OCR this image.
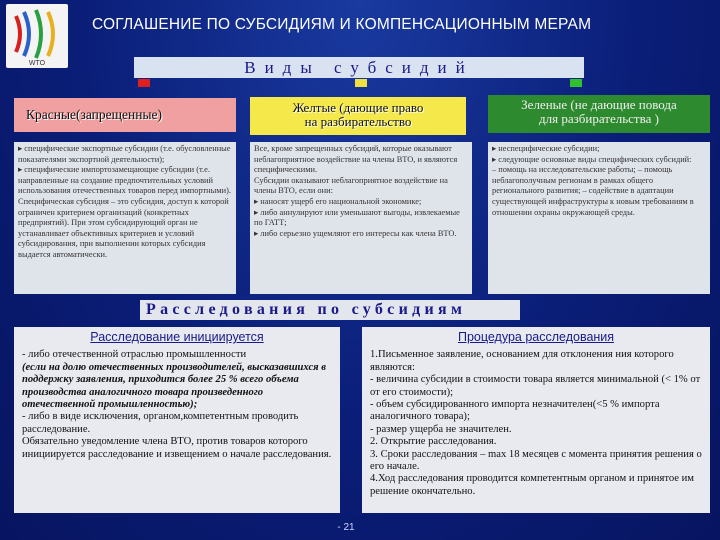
WTO
СОГЛАШЕНИЕ ПО СУБСИДИЯМ И КОМПЕНСАЦИОННЫМ МЕРАМ
Виды субсидий
Красные(запрещенные)	Желтые (дающие право
на разбирательство
Зеленые (не дающие повода
для разбирательства )

▸ специфические экспортные субсидии (т.е. обусловленные показателями экспортной деятельности);

▸ специфические импортозамещающие субсидии (т.е. направленные на создание предпочтительных условий использования отечественных товаров перед импортными).

Специфическая субсидия – это субсидия, доступ к которой ограничен критерием организаций (конкретных предприятий). При этом субсидирующий орган не устанавливает объективных критериев и условий субсидирования, при выполнении которых субсидия выдается автоматически.

Все, кроме запрещенных субсидий, которые оказывают неблагоприятное воздействие на члены ВТО, и являются специфическими.

Субсидии оказывают неблагоприятное воздействие на члены ВТО, если они:

▸ наносят ущерб его национальной экономике;

▸ либо аннулируют или уменьшают выгоды, извлекаемые по ГАТТ;

▸ либо серьезно ущемляют его интересы как члена ВТО.

▸ неспецифические субсидии;

▸ следующие основные виды специфических субсидий:

– помощь на исследовательские работы; – помощь неблагополучным регионам в рамках общего регионального развития; – содействие в адаптации существующей инфраструктуры к новым требованиям в отношении охраны окружающей среды.

Расследования по субсидиям
Расследование инициируется

- либо отечественной отраслью промышленности

(если на долю отечественных производителей, высказавшихся в поддержку заявления, приходится более 25 % всего объема производства аналогичного товара произведенного отечественной промышленностью);

- либо в виде исключения, органом,компетентным проводить расследование.

Обязательно уведомление члена ВТО, против товаров которого инициируется расследование и извещением о начале расследования.

Процедура расследования

1.Письменное заявление, основанием для отклонения ния которого являются:

- величина субсидии в стоимости товара является минимальной (< 1% от от его стоимости);

- объем субсидированного импорта незначителен(<5 % импорта аналогичного товара);

- размер ущерба не значителен.

2. Открытие расследования.

3. Сроки расследования – max 18 месяцев с момента принятия решения о его начале.

4.Ход расследования проводится компетентным органом и принятое им решение окончательно.

- 21
